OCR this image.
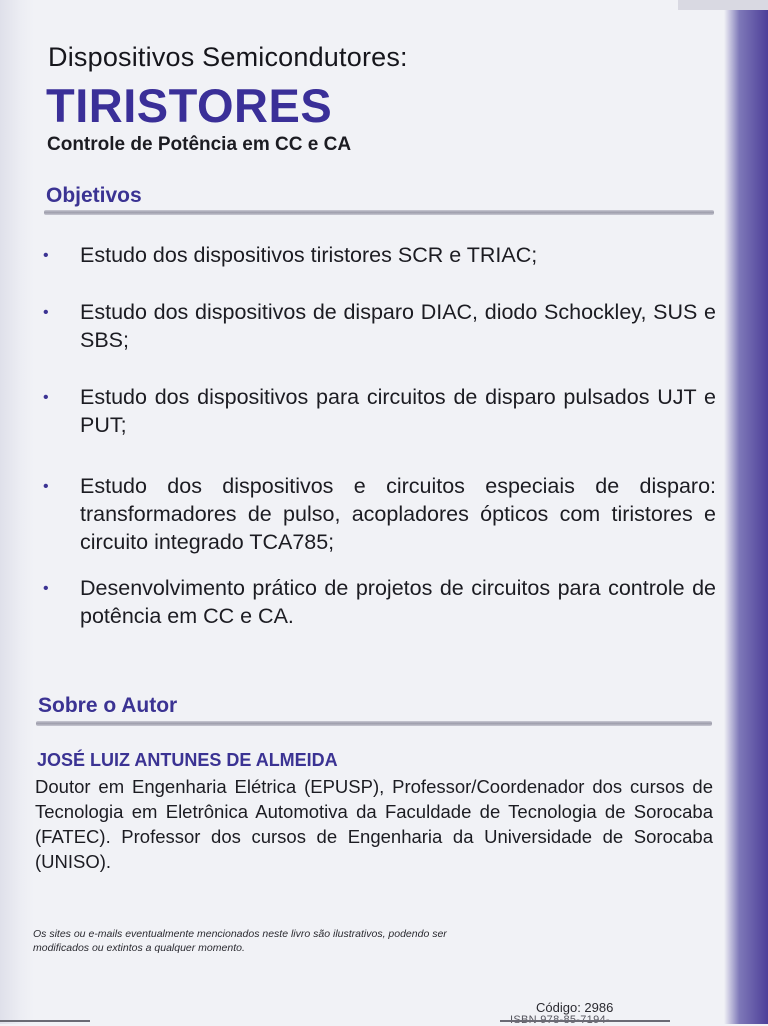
Dispositivos Semicondutores:
TIRISTORES
Controle de Potência em CC e CA
Objetivos
•	Estudo dos dispositivos tiristores SCR e TRIAC;
•	Estudo dos dispositivos de disparo DIAC, diodo Schockley, SUS e SBS;
•	Estudo dos dispositivos para circuitos de disparo pulsados UJT e PUT;
•	Estudo dos dispositivos e circuitos especiais de disparo: transformadores de pulso, acopladores ópticos com tiristores e circuito integrado TCA785;
•	Desenvolvimento prático de projetos de circuitos para controle de potência em CC e CA.
Sobre o Autor
JOSÉ LUIZ ANTUNES DE ALMEIDA
Doutor em Engenharia Elétrica (EPUSP), Professor/Coordenador dos cursos de Tecnologia em Eletrônica Automotiva da Faculdade de Tecnologia de Sorocaba (FATEC). Professor dos cursos de Engenharia da Universidade de Sorocaba (UNISO).
Os sites ou e-mails eventualmente mencionados neste livro são ilustrativos, podendo ser modificados ou extintos a qualquer momento.
Código: 2986
